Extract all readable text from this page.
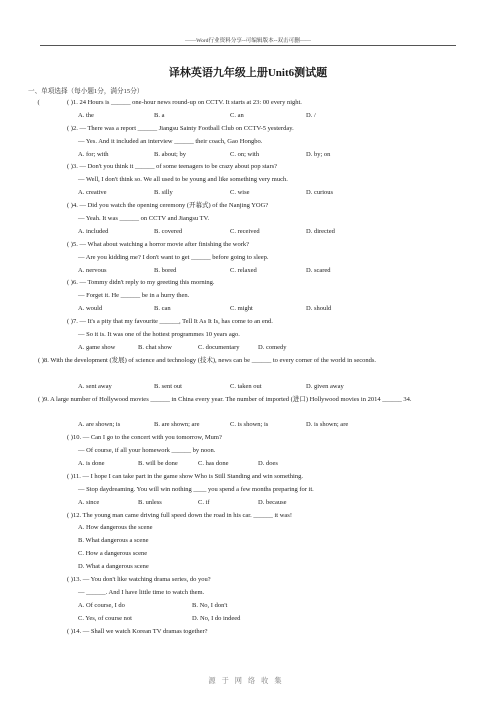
——Word行业资料分享--可编辑版本--双击可删——
译林英语九年级上册Unit6测试题
一、单项选择（每小题1分，满分15分）
(	( )1. 24 Hours is ______ one-hour news round-up on CCTV. It starts at 23: 00 every night.
A. the	B. a	C. an	D. /
( )2. — There was a report ______ Jiangsu Sainty Football Club on CCTV-5 yesterday.
— Yes. And it included an interview ______ their coach, Gao Hongbo.
A. for; with	B. about; by	C. on; with	D. by; on
( )3. — Don't you think it ______ of some teenagers to be crazy about pop stars?
— Well, I don't think so. We all used to be young and like something very much.
A. creative	B. silly	C. wise	D. curious
( )4. — Did you watch the opening ceremony (开幕式) of the Nanjing YOG?
— Yeah. It was ______ on CCTV and Jiangsu TV.
A. included	B. covered	C. received	D. directed
( )5. — What about watching a horror movie after finishing the work?
— Are you kidding me? I don't want to get ______ before going to sleep.
A. nervous	B. bored	C. relaxed	D. scared
( )6. — Tommy didn't reply to my greeting this morning.
— Forget it. He ______ be in a hurry then.
A. would	B. can	C. might	D. should
( )7. — It's a pity that my favourite ______, Tell It As It Is, has come to an end.
— So it is. It was one of the hottest programmes 10 years ago.
A. game show	B. chat show	C. documentary	D. comedy
( )8. With the development (发展) of science and technology (技术), news can be ______ to every corner of the world in seconds.
A. sent away	B. sent out	C. taken out	D. given away
( )9. A large number of Hollywood movies ______ in China every year. The number of imported (进口) Hollywood movies in 2014 ______ 34.
A. are shown; is	B. are shown; are	C. is shown; is	D. is shown; are
( )10. — Can I go to the concert with you tomorrow, Mum?
— Of course, if all your homework ______ by noon.
A. is done	B. will be done	C. has done	D. does
( )11. — I hope I can take part in the game show Who is Still Standing and win something.
— Stop daydreaming. You will win nothing ____ you spend a few months preparing for it.
A. since	B. unless	C. if	D. because
( )12. The young man came driving full speed down the road in his car. ______ it was!
A. How dangerous the scene
B. What dangerous a scene
C. How a dangerous scene
D. What a dangerous scene
( )13. — You don't like watching drama series, do you?
— ______. And I have little time to watch them.
A. Of course, I do	B. No, I don't
C. Yes, of course not	D. No, I do indeed
( )14. — Shall we watch Korean TV dramas together?
源于网络收集
